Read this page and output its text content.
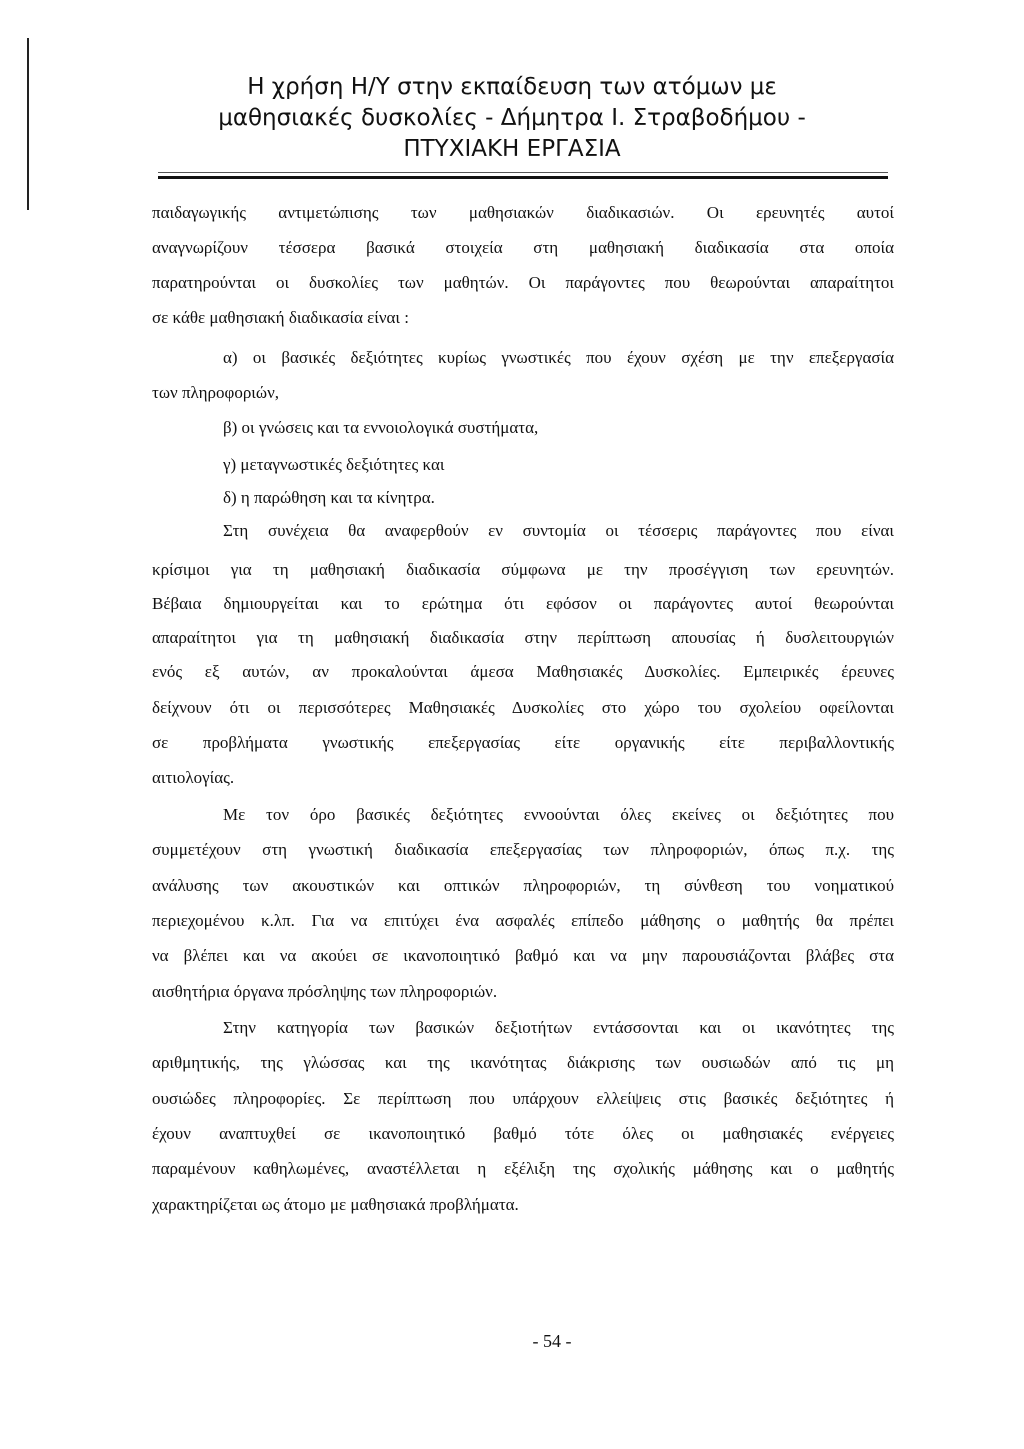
Η χρήση Η/Υ στην εκπαίδευση των ατόμων με
μαθησιακές δυσκολίες - Δήμητρα Ι. Στραβοδήμου -
ΠΤΥΧΙΑΚΗ ΕΡΓΑΣΙΑ
παιδαγωγικής αντιμετώπισης των μαθησιακών διαδικασιών. Οι ερευνητές αυτοί
αναγνωρίζουν τέσσερα βασικά στοιχεία στη μαθησιακή διαδικασία στα οποία
παρατηρούνται οι δυσκολίες των μαθητών. Οι παράγοντες που θεωρούνται απαραίτητοι
σε κάθε μαθησιακή διαδικασία είναι :
α) οι βασικές δεξιότητες κυρίως γνωστικές που έχουν σχέση με την επεξεργασία
των πληροφοριών,
β) οι γνώσεις και τα εννοιολογικά συστήματα,
γ) μεταγνωστικές δεξιότητες και
δ) η παρώθηση και τα κίνητρα.
Στη συνέχεια θα αναφερθούν εν συντομία οι τέσσερις παράγοντες που είναι
κρίσιμοι για τη μαθησιακή διαδικασία σύμφωνα με την προσέγγιση των ερευνητών.
Βέβαια δημιουργείται και το ερώτημα ότι εφόσον οι παράγοντες αυτοί θεωρούνται
απαραίτητοι για τη μαθησιακή διαδικασία στην περίπτωση απουσίας ή δυσλειτουργιών
ενός εξ αυτών, αν προκαλούνται άμεσα Μαθησιακές Δυσκολίες. Εμπειρικές έρευνες
δείχνουν ότι οι περισσότερες Μαθησιακές Δυσκολίες στο χώρο του σχολείου οφείλονται
σε προβλήματα γνωστικής επεξεργασίας είτε οργανικής είτε περιβαλλοντικής
αιτιολογίας.
Με τον όρο βασικές δεξιότητες εννοούνται όλες εκείνες οι δεξιότητες που
συμμετέχουν στη γνωστική διαδικασία επεξεργασίας των πληροφοριών, όπως π.χ. της
ανάλυσης των ακουστικών και οπτικών πληροφοριών, τη σύνθεση του νοηματικού
περιεχομένου κ.λπ. Για να επιτύχει ένα ασφαλές επίπεδο μάθησης ο μαθητής θα πρέπει
να βλέπει και να ακούει σε ικανοποιητικό βαθμό και να μην παρουσιάζονται βλάβες στα
αισθητήρια όργανα πρόσληψης των πληροφοριών.
Στην κατηγορία των βασικών δεξιοτήτων εντάσσονται και οι ικανότητες της
αριθμητικής, της γλώσσας και της ικανότητας διάκρισης των ουσιωδών από τις μη
ουσιώδες πληροφορίες. Σε περίπτωση που υπάρχουν ελλείψεις στις βασικές δεξιότητες ή
έχουν αναπτυχθεί σε ικανοποιητικό βαθμό τότε όλες οι μαθησιακές ενέργειες
παραμένουν καθηλωμένες, αναστέλλεται η εξέλιξη της σχολικής μάθησης και ο μαθητής
χαρακτηρίζεται ως άτομο με μαθησιακά προβλήματα.
- 54 -
